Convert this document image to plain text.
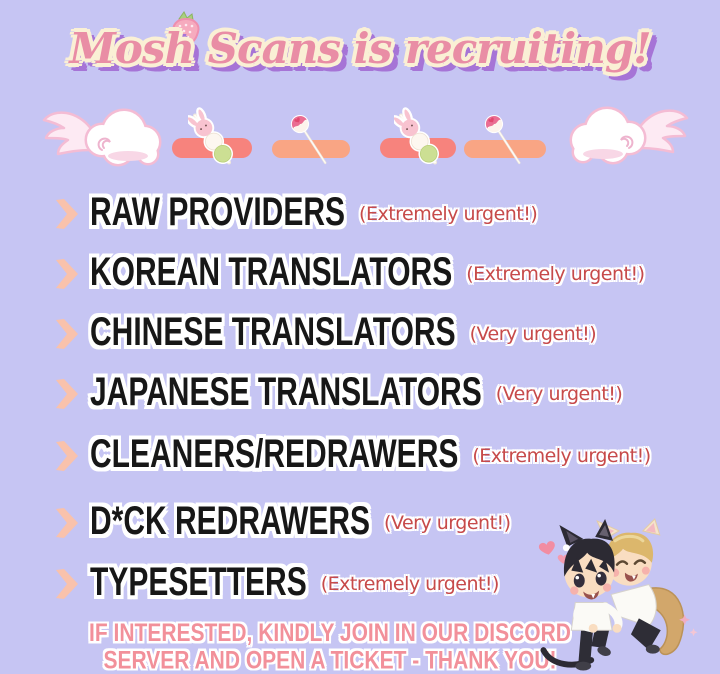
Mosh Scans is recruiting!
RAW PROVIDERS (Extremely urgent!)
KOREAN TRANSLATORS (Extremely urgent!)
CHINESE TRANSLATORS (Very urgent!)
JAPANESE TRANSLATORS (Very urgent!)
CLEANERS/REDRAWERS (Extremely urgent!)
D*CK REDRAWERS (Very urgent!)
TYPESETTERS (Extremely urgent!)
IF INTERESTED, KINDLY JOIN IN OUR DISCORD
SERVER AND OPEN A TICKET - THANK YOU!
